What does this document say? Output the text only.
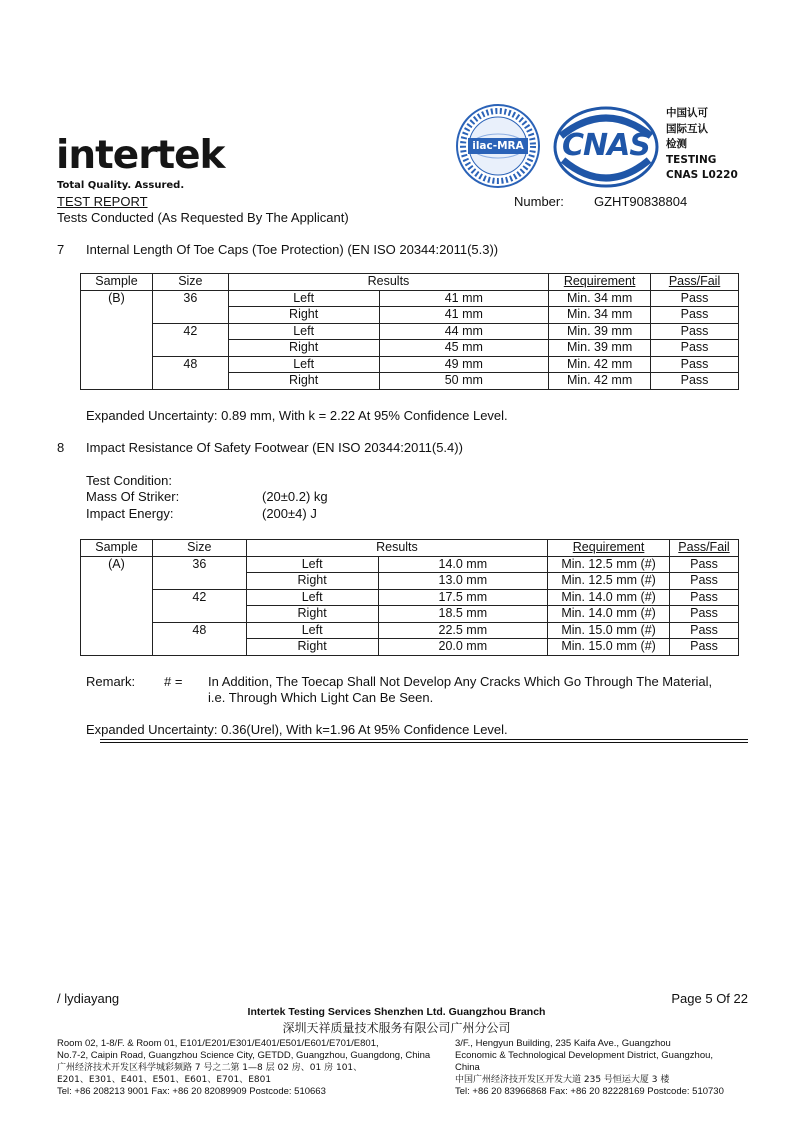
intertek
Total Quality. Assured.
ilac-MRA	CNAS
中国认可
国际互认
检测
TESTING
CNAS L0220
TEST REPORT	Number: GZHT90838804
Tests Conducted (As Requested By The Applicant)
7 Internal Length Of Toe Caps (Toe Protection) (EN ISO 20344:2011(5.3))
Sample	Size	Results		Requirement	Pass/Fail
(B)	36	Left	41 mm	Min. 34 mm	Pass
		Right	41 mm	Min. 34 mm	Pass
	42	Left	44 mm	Min. 39 mm	Pass
		Right	45 mm	Min. 39 mm	Pass
	48	Left	49 mm	Min. 42 mm	Pass
		Right	50 mm	Min. 42 mm	Pass
Expanded Uncertainty: 0.89 mm, With k = 2.22 At 95% Confidence Level.
8 Impact Resistance Of Safety Footwear (EN ISO 20344:2011(5.4))
Test Condition:
Mass Of Striker:	(20±0.2) kg
Impact Energy:	(200±4) J
Sample	Size	Results		Requirement	Pass/Fail
(A)	36	Left	14.0 mm	Min. 12.5 mm (#)	Pass
		Right	13.0 mm	Min. 12.5 mm (#)	Pass
	42	Left	17.5 mm	Min. 14.0 mm (#)	Pass
		Right	18.5 mm	Min. 14.0 mm (#)	Pass
	48	Left	22.5 mm	Min. 15.0 mm (#)	Pass
		Right	20.0 mm	Min. 15.0 mm (#)	Pass
Remark: # = In Addition, The Toecap Shall Not Develop Any Cracks Which Go Through The Material,
i.e. Through Which Light Can Be Seen.
Expanded Uncertainty: 0.36(Urel), With k=1.96 At 95% Confidence Level.
/ lydiayang	Page 5 Of 22
Intertek Testing Services Shenzhen Ltd. Guangzhou Branch
深圳天祥质量技术服务有限公司广州分公司
Room 02, 1-8/F. & Room 01, E101/E201/E301/E401/E501/E601/E701/E801,
No.7-2, Caipin Road, Guangzhou Science City, GETDD, Guangzhou, Guangdong, China
广州经济技术开发区科学城彩频路 7 号之二第 1—8 层 02 房、01 房 101、
E201、E301、E401、E501、E601、E701、E801
Tel: +86 208213 9001 Fax: +86 20 82089909 Postcode: 510663
3/F., Hengyun Building, 235 Kaifa Ave., Guangzhou
Economic & Technological Development District, Guangzhou,
China
中国广州经济技开发区开发大道 235 号恒运大厦 3 楼
Tel: +86 20 83966868 Fax: +86 20 82228169 Postcode: 510730
